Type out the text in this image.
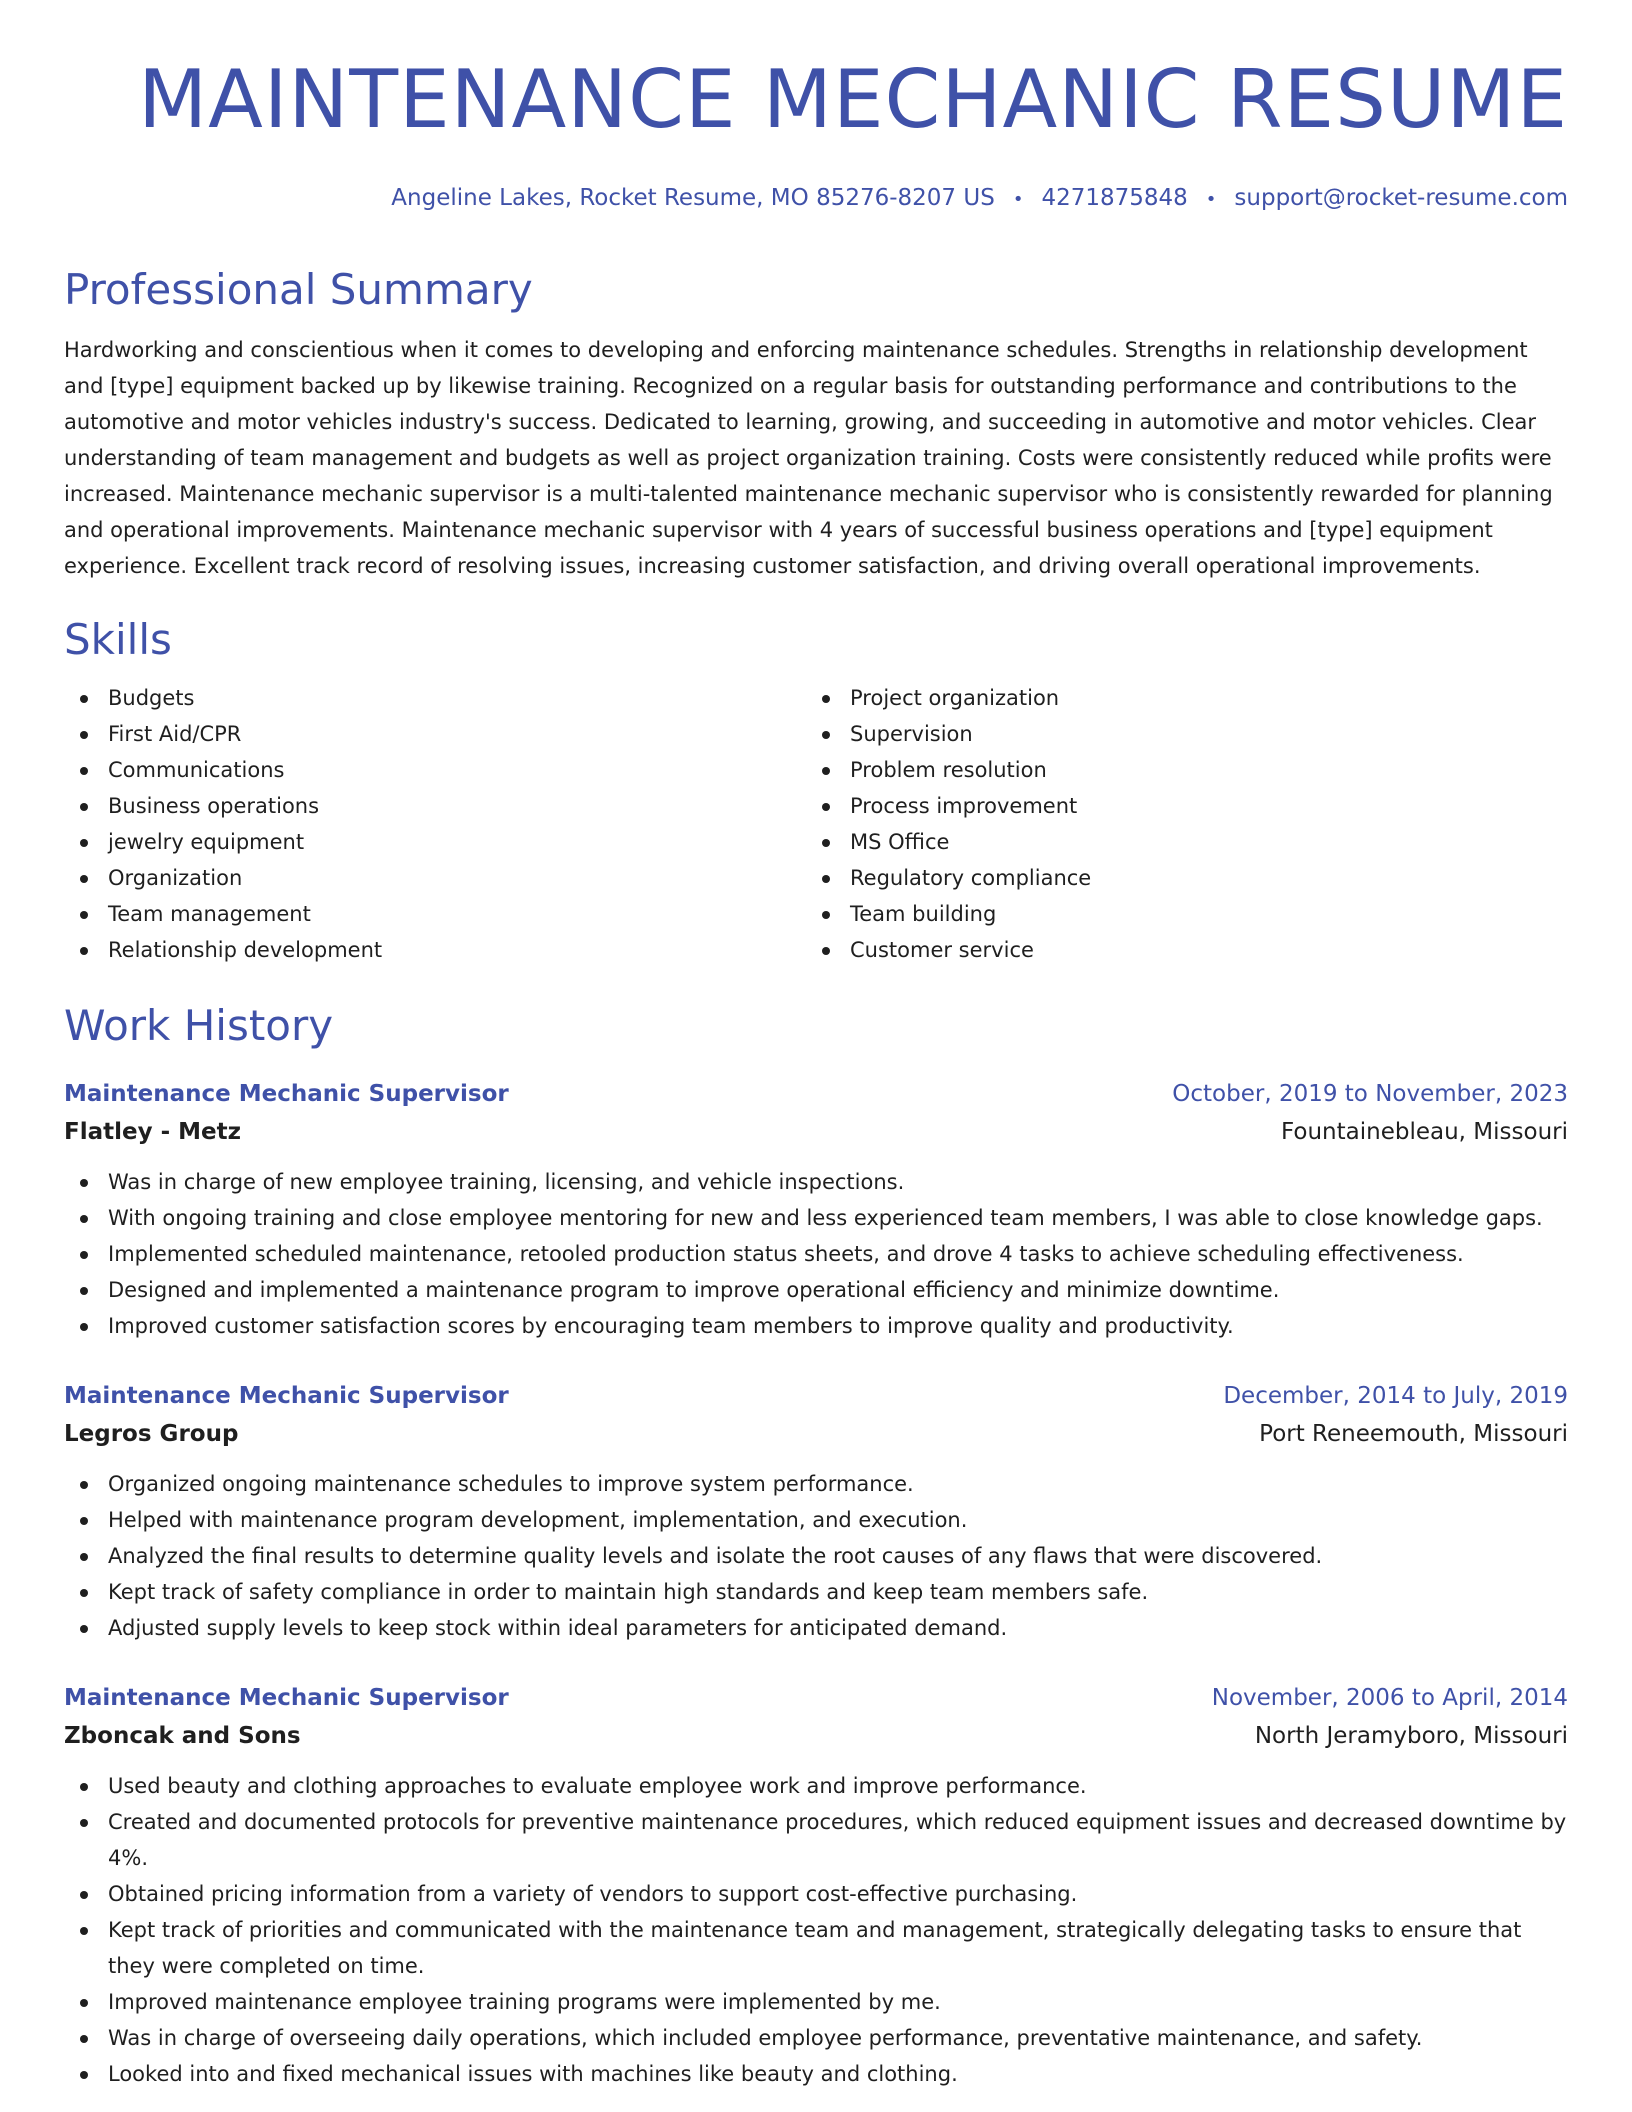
MAINTENANCE MECHANIC RESUME
Angeline Lakes, Rocket Resume, MO 85276-8207 US • 4271875848 • support@rocket-resume.com
Professional Summary

Hardworking and conscientious when it comes to developing and enforcing maintenance schedules. Strengths in relationship development and [type] equipment backed up by likewise training. Recognized on a regular basis for outstanding performance and contributions to the automotive and motor vehicles industry's success. Dedicated to learning, growing, and succeeding in automotive and motor vehicles. Clear understanding of team management and budgets as well as project organization training. Costs were consistently reduced while profits were increased. Maintenance mechanic supervisor is a multi-talented maintenance mechanic supervisor who is consistently rewarded for planning and operational improvements. Maintenance mechanic supervisor with 4 years of successful business operations and [type] equipment experience. Excellent track record of resolving issues, increasing customer satisfaction, and driving overall operational improvements.

Skills
Budgets
First Aid/CPR
Communications
Business operations
jewelry equipment
Organization
Team management
Relationship development
Project organization
Supervision
Problem resolution
Process improvement
MS Office
Regulatory compliance
Team building
Customer service
Work History
Maintenance Mechanic Supervisor	October, 2019 to November, 2023
Flatley - Metz	Fountainebleau, Missouri
Was in charge of new employee training, licensing, and vehicle inspections.
With ongoing training and close employee mentoring for new and less experienced team members, I was able to close knowledge gaps.
Implemented scheduled maintenance, retooled production status sheets, and drove 4 tasks to achieve scheduling effectiveness.
Designed and implemented a maintenance program to improve operational efficiency and minimize downtime.
Improved customer satisfaction scores by encouraging team members to improve quality and productivity.
Maintenance Mechanic Supervisor	December, 2014 to July, 2019
Legros Group	Port Reneemouth, Missouri
Organized ongoing maintenance schedules to improve system performance.
Helped with maintenance program development, implementation, and execution.
Analyzed the final results to determine quality levels and isolate the root causes of any flaws that were discovered.
Kept track of safety compliance in order to maintain high standards and keep team members safe.
Adjusted supply levels to keep stock within ideal parameters for anticipated demand.
Maintenance Mechanic Supervisor	November, 2006 to April, 2014
Zboncak and Sons	North Jeramyboro, Missouri
Used beauty and clothing approaches to evaluate employee work and improve performance.
Created and documented protocols for preventive maintenance procedures, which reduced equipment issues and decreased downtime by 4%.
Obtained pricing information from a variety of vendors to support cost-effective purchasing.
Kept track of priorities and communicated with the maintenance team and management, strategically delegating tasks to ensure that they were completed on time.
Improved maintenance employee training programs were implemented by me.
Was in charge of overseeing daily operations, which included employee performance, preventative maintenance, and safety.
Looked into and fixed mechanical issues with machines like beauty and clothing.
